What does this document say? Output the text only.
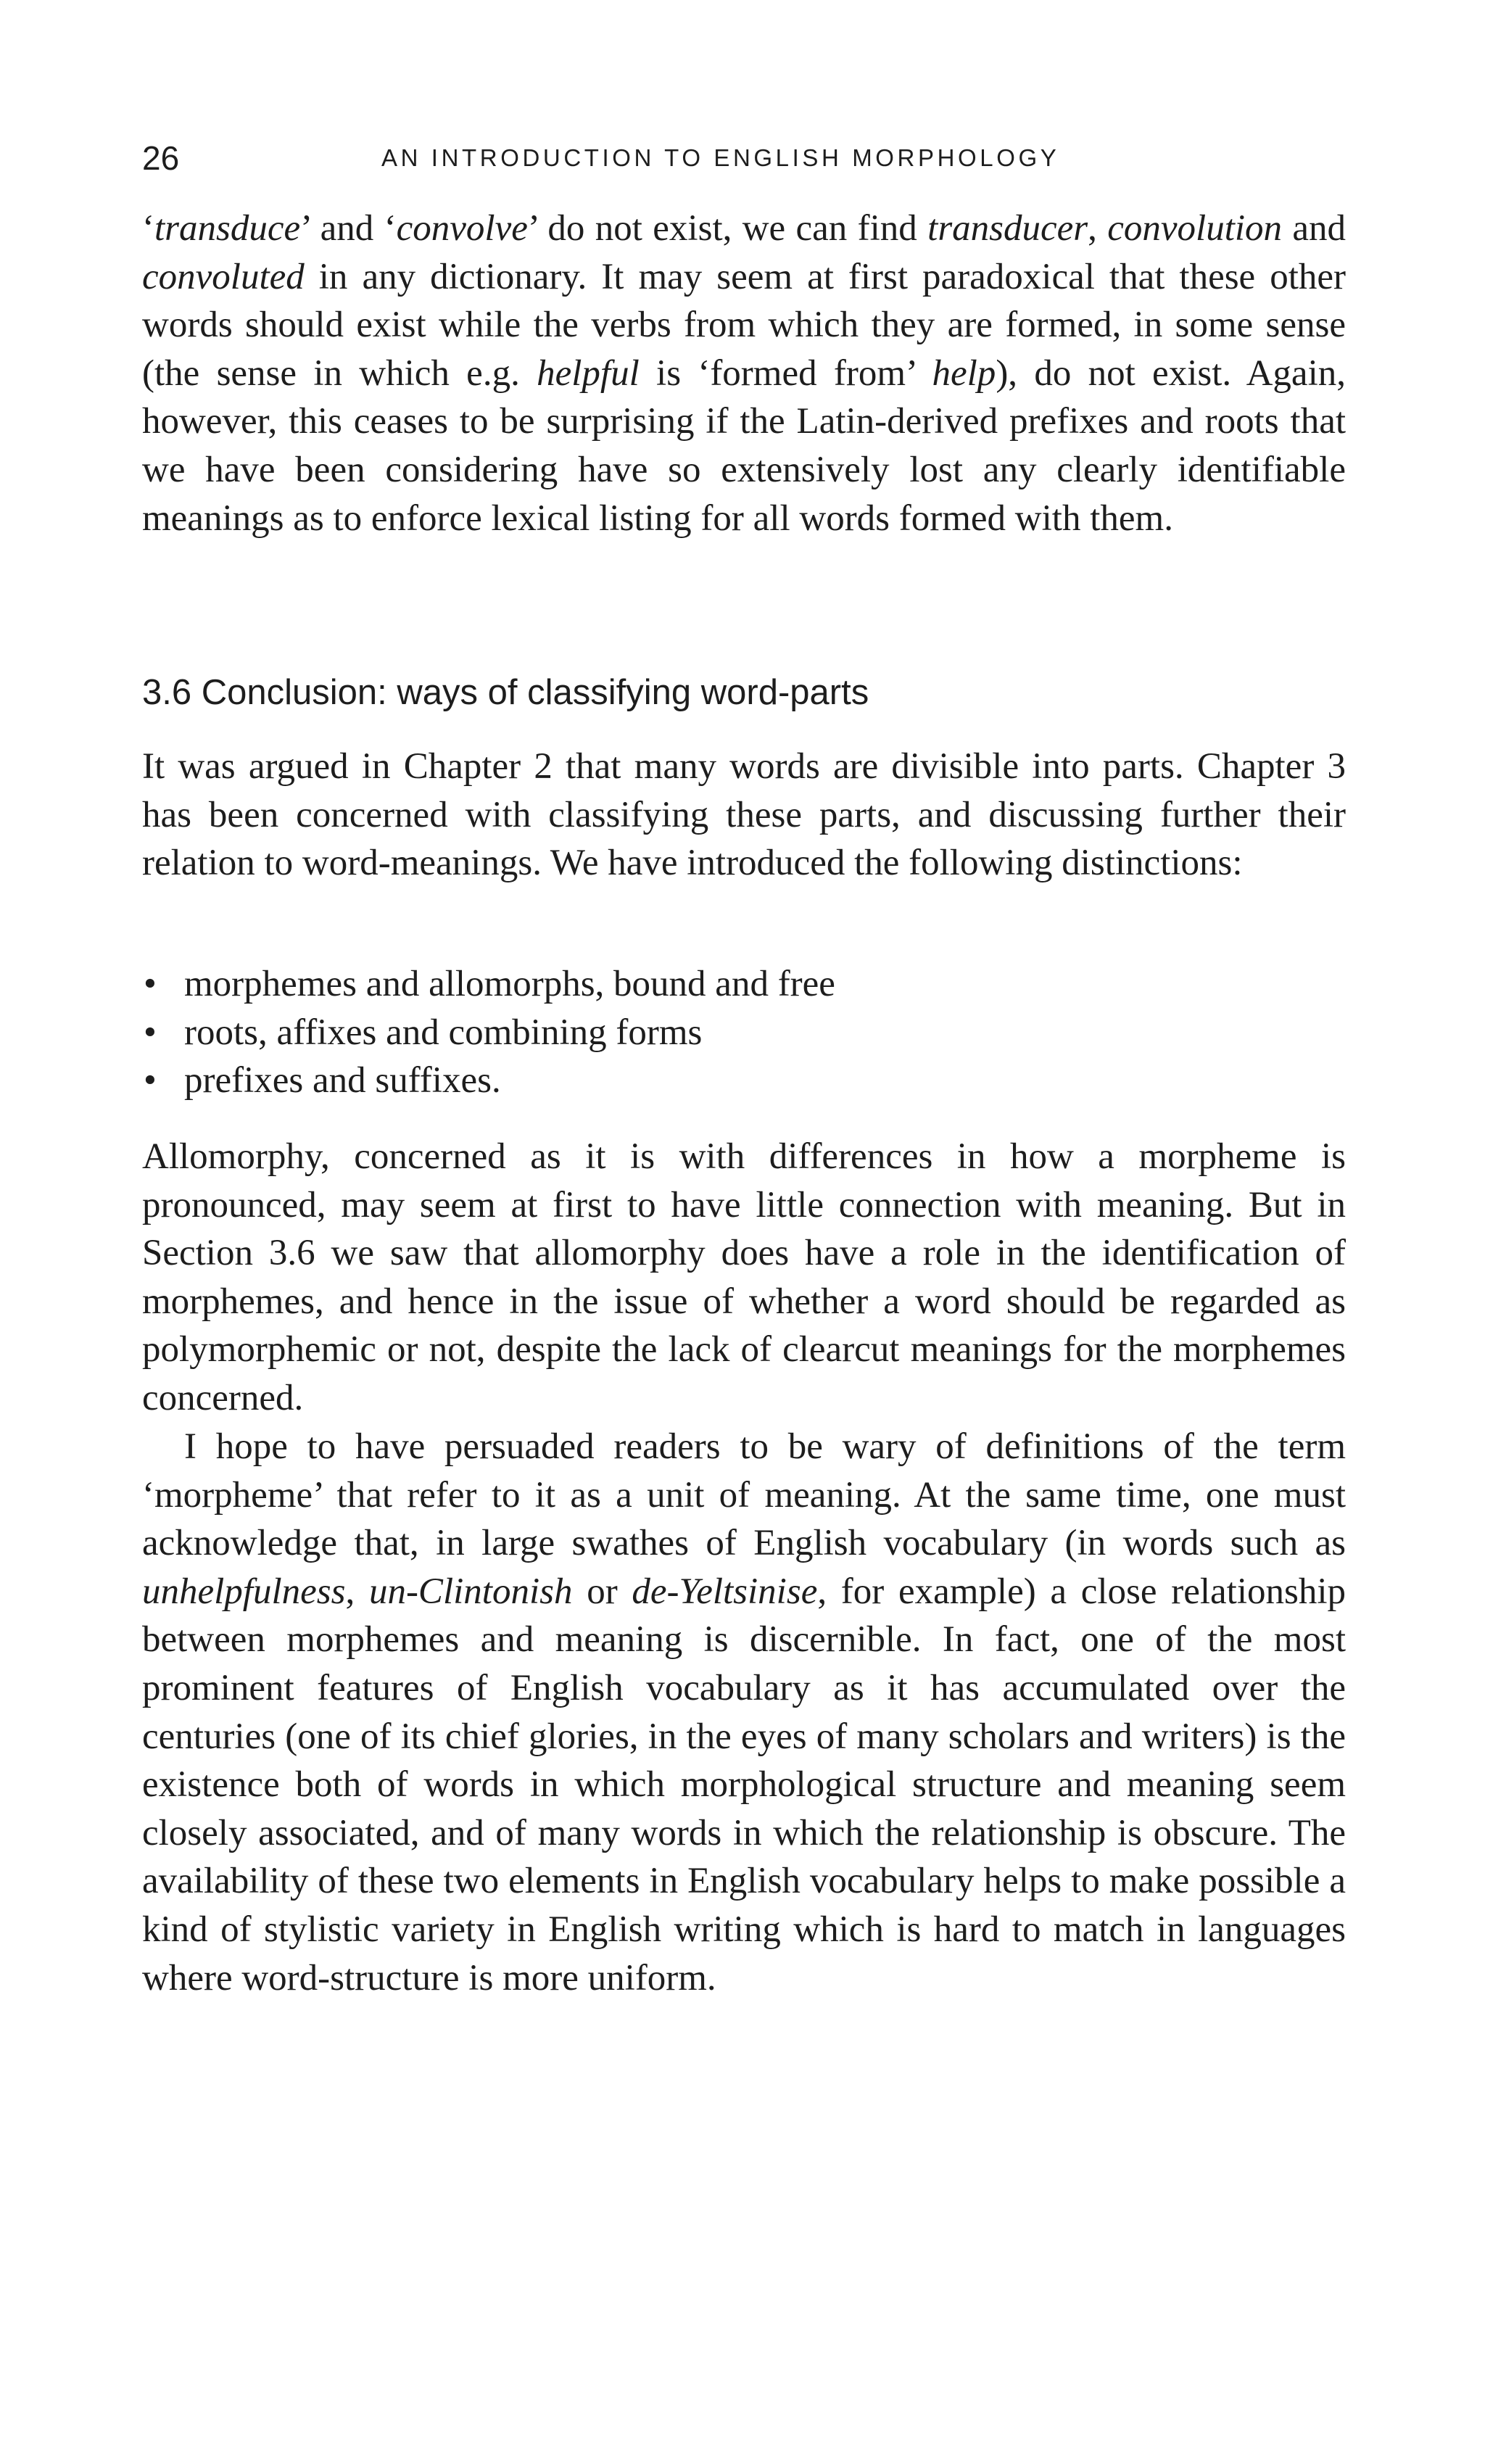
26	AN INTRODUCTION TO ENGLISH MORPHOLOGY

‘transduce’ and ‘convolve’ do not exist, we can find transducer, convolution and convoluted in any dictionary. It may seem at first paradoxical that these other words should exist while the verbs from which they are formed, in some sense (the sense in which e.g. helpful is ‘formed from’ help), do not exist. Again, however, this ceases to be surprising if the Latin-derived prefixes and roots that we have been considering have so extensively lost any clearly identifiable meanings as to enforce lexical listing for all words formed with them.

3.6 Conclusion: ways of classifying word-parts

It was argued in Chapter 2 that many words are divisible into parts. Chapter 3 has been concerned with classifying these parts, and discussing further their relation to word-meanings. We have introduced the following distinctions:

• morphemes and allomorphs, bound and free
• roots, affixes and combining forms
• prefixes and suffixes.

Allomorphy, concerned as it is with differences in how a morpheme is pronounced, may seem at first to have little connection with meaning. But in Section 3.6 we saw that allomorphy does have a role in the identification of morphemes, and hence in the issue of whether a word should be regarded as polymorphemic or not, despite the lack of clearcut meanings for the morphemes concerned.

I hope to have persuaded readers to be wary of definitions of the term ‘morpheme’ that refer to it as a unit of meaning. At the same time, one must acknowledge that, in large swathes of English vocabulary (in words such as unhelpfulness, un-Clintonish or de-Yeltsinise, for example) a close relationship between morphemes and meaning is discernible. In fact, one of the most prominent features of English vocabulary as it has accumulated over the centuries (one of its chief glories, in the eyes of many scholars and writers) is the existence both of words in which morphological structure and meaning seem closely associated, and of many words in which the relationship is obscure. The availability of these two elements in English vocabulary helps to make possible a kind of stylistic variety in English writing which is hard to match in languages where word-structure is more uniform.
